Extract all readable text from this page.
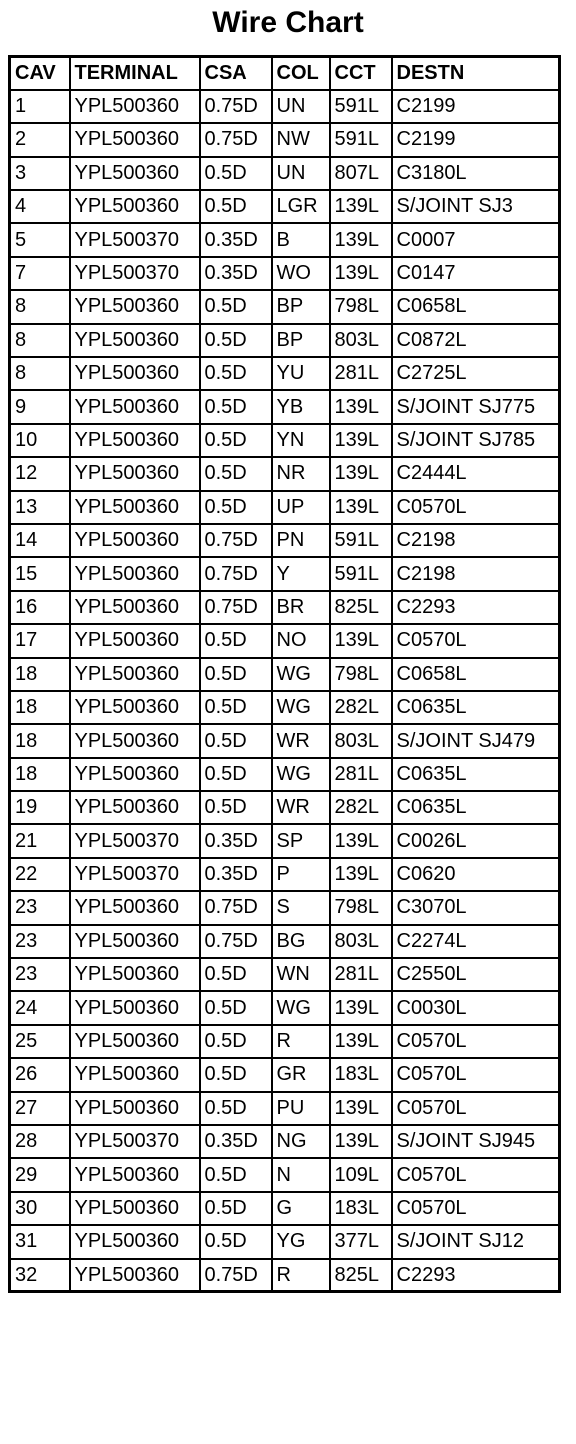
Wire Chart
CAV	TERMINAL	CSA	COL	CCT	DESTN
1	YPL500360	0.75D	UN	591L	C2199
2	YPL500360	0.75D	NW	591L	C2199
3	YPL500360	0.5D	UN	807L	C3180L
4	YPL500360	0.5D	LGR	139L	S/JOINT SJ3
5	YPL500370	0.35D	B	139L	C0007
7	YPL500370	0.35D	WO	139L	C0147
8	YPL500360	0.5D	BP	798L	C0658L
8	YPL500360	0.5D	BP	803L	C0872L
8	YPL500360	0.5D	YU	281L	C2725L
9	YPL500360	0.5D	YB	139L	S/JOINT SJ775
10	YPL500360	0.5D	YN	139L	S/JOINT SJ785
12	YPL500360	0.5D	NR	139L	C2444L
13	YPL500360	0.5D	UP	139L	C0570L
14	YPL500360	0.75D	PN	591L	C2198
15	YPL500360	0.75D	Y	591L	C2198
16	YPL500360	0.75D	BR	825L	C2293
17	YPL500360	0.5D	NO	139L	C0570L
18	YPL500360	0.5D	WG	798L	C0658L
18	YPL500360	0.5D	WG	282L	C0635L
18	YPL500360	0.5D	WR	803L	S/JOINT SJ479
18	YPL500360	0.5D	WG	281L	C0635L
19	YPL500360	0.5D	WR	282L	C0635L
21	YPL500370	0.35D	SP	139L	C0026L
22	YPL500370	0.35D	P	139L	C0620
23	YPL500360	0.75D	S	798L	C3070L
23	YPL500360	0.75D	BG	803L	C2274L
23	YPL500360	0.5D	WN	281L	C2550L
24	YPL500360	0.5D	WG	139L	C0030L
25	YPL500360	0.5D	R	139L	C0570L
26	YPL500360	0.5D	GR	183L	C0570L
27	YPL500360	0.5D	PU	139L	C0570L
28	YPL500370	0.35D	NG	139L	S/JOINT SJ945
29	YPL500360	0.5D	N	109L	C0570L
30	YPL500360	0.5D	G	183L	C0570L
31	YPL500360	0.5D	YG	377L	S/JOINT SJ12
32	YPL500360	0.75D	R	825L	C2293
